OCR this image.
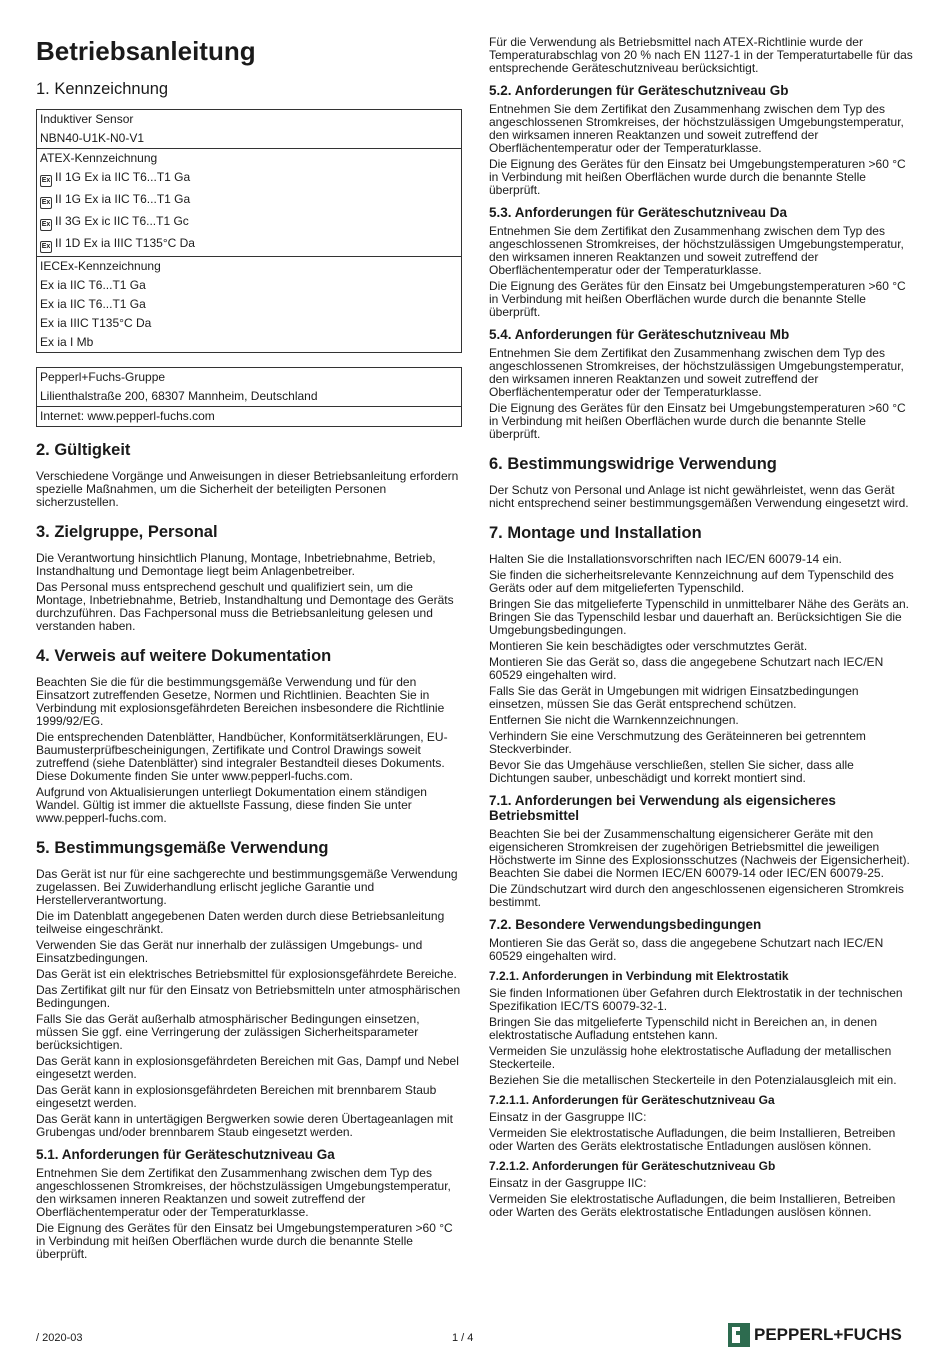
Betriebsanleitung
1. Kennzeichnung
Induktiver Sensor
NBN40-U1K-N0-V1
ATEX-Kennzeichnung
Ex II 1G Ex ia IIC T6...T1 Ga
Ex II 1G Ex ia IIC T6...T1 Ga
Ex II 3G Ex ic IIC T6...T1 Gc
Ex II 1D Ex ia IIIC T135°C Da
IECEx-Kennzeichnung
Ex ia IIC T6...T1 Ga
Ex ia IIC T6...T1 Ga
Ex ia IIIC T135°C Da
Ex ia I Mb
Pepperl+Fuchs-Gruppe
Lilienthalstraße 200, 68307 Mannheim, Deutschland
Internet: www.pepperl-fuchs.com
2. Gültigkeit

Verschiedene Vorgänge und Anweisungen in dieser Betriebsanleitung erfordern spezielle Maßnahmen, um die Sicherheit der beteiligten Personen sicherzustellen.

3. Zielgruppe, Personal

Die Verantwortung hinsichtlich Planung, Montage, Inbetriebnahme, Betrieb, Instandhaltung und Demontage liegt beim Anlagenbetreiber.

Das Personal muss entsprechend geschult und qualifiziert sein, um die Montage, Inbetriebnahme, Betrieb, Instandhaltung und Demontage des Geräts durchzuführen. Das Fachpersonal muss die Betriebsanleitung gelesen und verstanden haben.

4. Verweis auf weitere Dokumentation

Beachten Sie die für die bestimmungsgemäße Verwendung und für den Einsatzort zutreffenden Gesetze, Normen und Richtlinien. Beachten Sie in Verbindung mit explosionsgefährdeten Bereichen insbesondere die Richtlinie 1999/92/EG.

Die entsprechenden Datenblätter, Handbücher, Konformitätserklärungen, EU-Baumusterprüfbescheinigungen, Zertifikate und Control Drawings soweit zutreffend (siehe Datenblätter) sind integraler Bestandteil dieses Dokuments. Diese Dokumente finden Sie unter www.pepperl-fuchs.com.

Aufgrund von Aktualisierungen unterliegt Dokumentation einem ständigen Wandel. Gültig ist immer die aktuellste Fassung, diese finden Sie unter www.pepperl-fuchs.com.

5. Bestimmungsgemäße Verwendung

Das Gerät ist nur für eine sachgerechte und bestimmungsgemäße Verwendung zugelassen. Bei Zuwiderhandlung erlischt jegliche Garantie und Herstellerverantwortung.

Die im Datenblatt angegebenen Daten werden durch diese Betriebsanleitung teilweise eingeschränkt.

Verwenden Sie das Gerät nur innerhalb der zulässigen Umgebungs- und Einsatzbedingungen.

Das Gerät ist ein elektrisches Betriebsmittel für explosionsgefährdete Bereiche.

Das Zertifikat gilt nur für den Einsatz von Betriebsmitteln unter atmosphärischen Bedingungen.

Falls Sie das Gerät außerhalb atmosphärischer Bedingungen einsetzen, müssen Sie ggf. eine Verringerung der zulässigen Sicherheitsparameter berücksichtigen.

Das Gerät kann in explosionsgefährdeten Bereichen mit Gas, Dampf und Nebel eingesetzt werden.

Das Gerät kann in explosionsgefährdeten Bereichen mit brennbarem Staub eingesetzt werden.

Das Gerät kann in untertägigen Bergwerken sowie deren Übertageanlagen mit Grubengas und/oder brennbarem Staub eingesetzt werden.

5.1. Anforderungen für Geräteschutzniveau Ga

Entnehmen Sie dem Zertifikat den Zusammenhang zwischen dem Typ des angeschlossenen Stromkreises, der höchstzulässigen Umgebungstemperatur, den wirksamen inneren Reaktanzen und soweit zutreffend der Oberflächentemperatur oder der Temperaturklasse.

Die Eignung des Gerätes für den Einsatz bei Umgebungstemperaturen >60 °C in Verbindung mit heißen Oberflächen wurde durch die benannte Stelle überprüft.

Für die Verwendung als Betriebsmittel nach ATEX-Richtlinie wurde der Temperaturabschlag von 20 % nach EN 1127-1 in der Temperaturtabelle für das entsprechende Geräteschutzniveau berücksichtigt.

5.2. Anforderungen für Geräteschutzniveau Gb

Entnehmen Sie dem Zertifikat den Zusammenhang zwischen dem Typ des angeschlossenen Stromkreises, der höchstzulässigen Umgebungstemperatur, den wirksamen inneren Reaktanzen und soweit zutreffend der Oberflächentemperatur oder der Temperaturklasse.

Die Eignung des Gerätes für den Einsatz bei Umgebungstemperaturen >60 °C in Verbindung mit heißen Oberflächen wurde durch die benannte Stelle überprüft.

5.3. Anforderungen für Geräteschutzniveau Da

Entnehmen Sie dem Zertifikat den Zusammenhang zwischen dem Typ des angeschlossenen Stromkreises, der höchstzulässigen Umgebungstemperatur, den wirksamen inneren Reaktanzen und soweit zutreffend der Oberflächentemperatur oder der Temperaturklasse.

Die Eignung des Gerätes für den Einsatz bei Umgebungstemperaturen >60 °C in Verbindung mit heißen Oberflächen wurde durch die benannte Stelle überprüft.

5.4. Anforderungen für Geräteschutzniveau Mb

Entnehmen Sie dem Zertifikat den Zusammenhang zwischen dem Typ des angeschlossenen Stromkreises, der höchstzulässigen Umgebungstemperatur, den wirksamen inneren Reaktanzen und soweit zutreffend der Oberflächentemperatur oder der Temperaturklasse.

Die Eignung des Gerätes für den Einsatz bei Umgebungstemperaturen >60 °C in Verbindung mit heißen Oberflächen wurde durch die benannte Stelle überprüft.

6. Bestimmungswidrige Verwendung

Der Schutz von Personal und Anlage ist nicht gewährleistet, wenn das Gerät nicht entsprechend seiner bestimmungsgemäßen Verwendung eingesetzt wird.

7. Montage und Installation

Halten Sie die Installationsvorschriften nach IEC/EN 60079-14 ein.

Sie finden die sicherheitsrelevante Kennzeichnung auf dem Typenschild des Geräts oder auf dem mitgelieferten Typenschild.

Bringen Sie das mitgelieferte Typenschild in unmittelbarer Nähe des Geräts an. Bringen Sie das Typenschild lesbar und dauerhaft an. Berücksichtigen Sie die Umgebungsbedingungen.

Montieren Sie kein beschädigtes oder verschmutztes Gerät.

Montieren Sie das Gerät so, dass die angegebene Schutzart nach IEC/EN 60529 eingehalten wird.

Falls Sie das Gerät in Umgebungen mit widrigen Einsatzbedingungen einsetzen, müssen Sie das Gerät entsprechend schützen.

Entfernen Sie nicht die Warnkennzeichnungen.

Verhindern Sie eine Verschmutzung des Geräteinneren bei getrenntem Steckverbinder.

Bevor Sie das Umgehäuse verschließen, stellen Sie sicher, dass alle Dichtungen sauber, unbeschädigt und korrekt montiert sind.

7.1. Anforderungen bei Verwendung als eigensicheres Betriebsmittel

Beachten Sie bei der Zusammenschaltung eigensicherer Geräte mit den eigensicheren Stromkreisen der zugehörigen Betriebsmittel die jeweiligen Höchstwerte im Sinne des Explosionsschutzes (Nachweis der Eigensicherheit). Beachten Sie dabei die Normen IEC/EN 60079-14 oder IEC/EN 60079-25.

Die Zündschutzart wird durch den angeschlossenen eigensicheren Stromkreis bestimmt.

7.2. Besondere Verwendungsbedingungen

Montieren Sie das Gerät so, dass die angegebene Schutzart nach IEC/EN 60529 eingehalten wird.

7.2.1. Anforderungen in Verbindung mit Elektrostatik

Sie finden Informationen über Gefahren durch Elektrostatik in der technischen Spezifikation IEC/TS 60079-32-1.

Bringen Sie das mitgelieferte Typenschild nicht in Bereichen an, in denen elektrostatische Aufladung entstehen kann.

Vermeiden Sie unzulässig hohe elektrostatische Aufladung der metallischen Steckerteile.

Beziehen Sie die metallischen Steckerteile in den Potenzialausgleich mit ein.

7.2.1.1. Anforderungen für Geräteschutzniveau Ga

Einsatz in der Gasgruppe IIC:

Vermeiden Sie elektrostatische Aufladungen, die beim Installieren, Betreiben oder Warten des Geräts elektrostatische Entladungen auslösen können.

7.2.1.2. Anforderungen für Geräteschutzniveau Gb

Einsatz in der Gasgruppe IIC:

Vermeiden Sie elektrostatische Aufladungen, die beim Installieren, Betreiben oder Warten des Geräts elektrostatische Entladungen auslösen können.

/ 2020-03	1 / 4	PEPPERL+FUCHS
